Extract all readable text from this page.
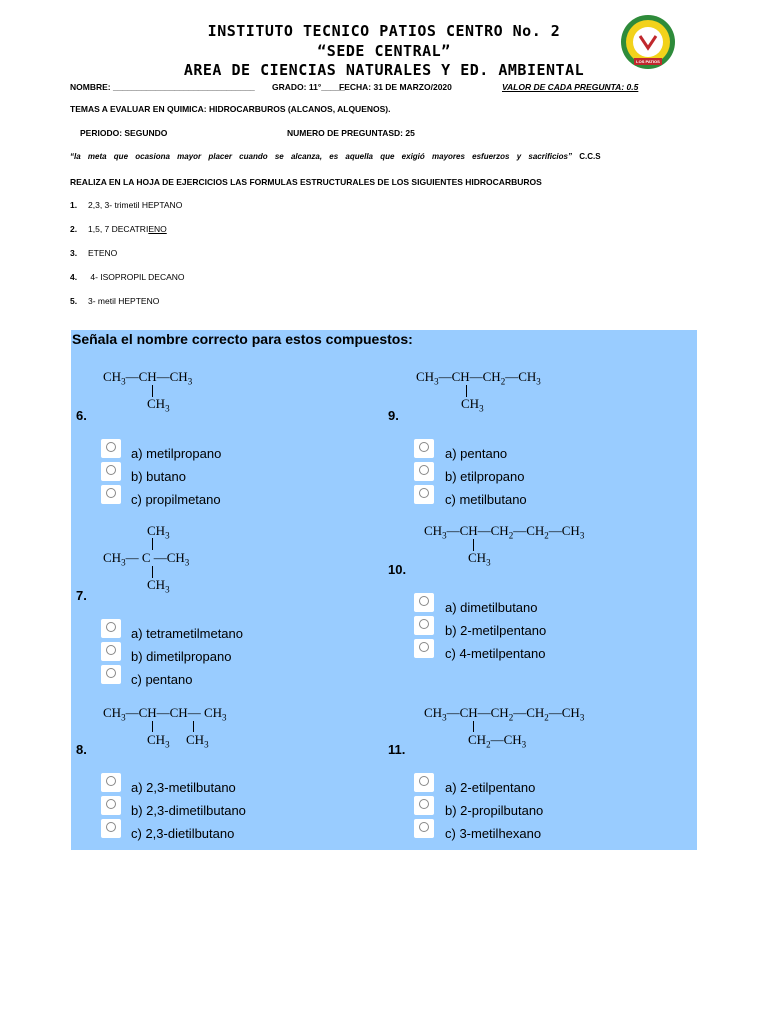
INSTITUTO TECNICO PATIOS CENTRO No. 2
“SEDE CENTRAL”
AREA DE CIENCIAS NATURALES Y ED. AMBIENTAL	LOS PATIOS
NOMBRE: ______________________________ GRADO: 11°_____
FECHA: 31 DE MARZO/2020	VALOR DE CADA PREGUNTA: 0.5
TEMAS A EVALUAR EN QUIMICA: HIDROCARBUROS (ALCANOS, ALQUENOS).
PERIODO: SEGUNDO	NUMERO DE PREGUNTASD: 25
“la meta que ocasiona mayor placer cuando se alcanza, es aquella que exigió mayores esfuerzos y sacrificios” C.C.S
REALIZA EN LA HOJA DE EJERCICIOS LAS FORMULAS ESTRUCTURALES DE LOS SIGUIENTES HIDROCARBUROS
1. 2,3, 3- trimetil HEPTANO
2. 1,5, 7 DECATRIENO
3. ETENO
4. 4- ISOPROPIL DECANO
5. 3- metil HEPTENO
Señala el nombre correcto para estos compuestos:
$CH_3—CH—CH_3$
$CH_3$
6.
a) metilpropano
b) butano
c) propilmetano
$CH_3$
$CH_3—$ C $—CH_3$
$CH_3$
7.
a) tetrametilmetano
b) dimetilpropano
c) pentano
$CH_3—CH—CH—$ $CH_3$
$CH_3$ $CH_3$
8.
a) 2,3-metilbutano
b) 2,3-dimetilbutano
c) 2,3-dietilbutano
$CH_3—CH—CH_2—CH_3$
$CH_3$
9.
a) pentano
b) etilpropano
c) metilbutano
$CH_3—CH—CH_2—CH_2—CH_3$
$CH_3$
10.
a) dimetilbutano
b) 2-metilpentano
c) 4-metilpentano
$CH_3—CH—CH_2—CH_2—CH_3$
$CH_2—CH_3$
11.
a) 2-etilpentano
b) 2-propilbutano
c) 3-metilhexano
